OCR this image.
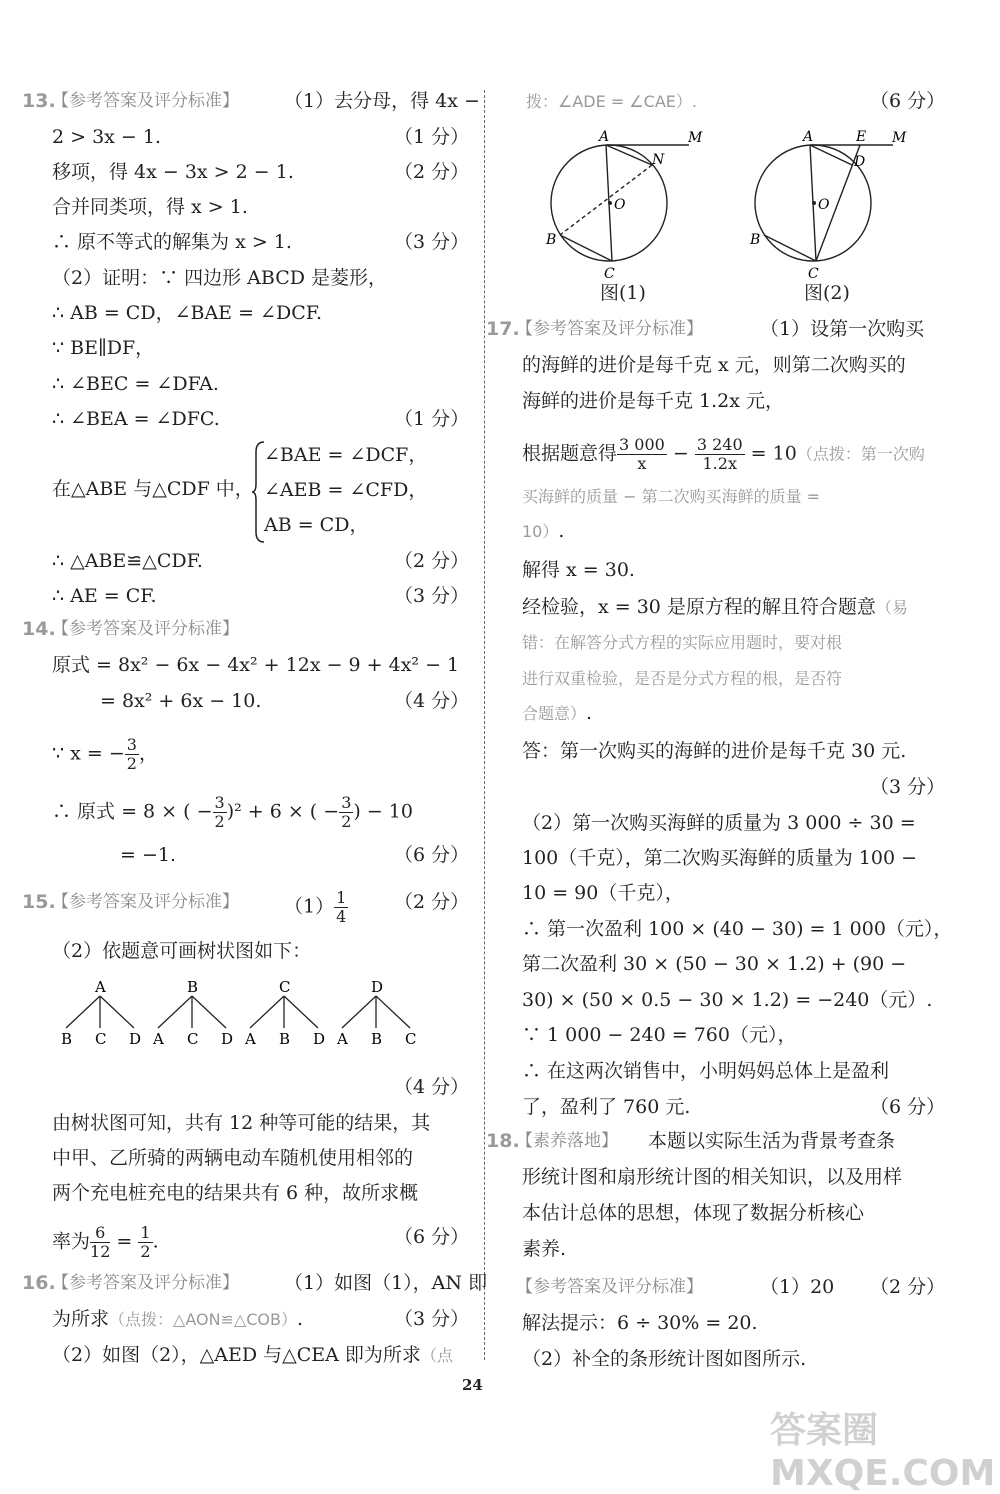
13.
【参考答案及评分标准】 （1）去分母，得 4x −
2 > 3x − 1.	（1 分）
移项，得 4x − 3x > 2 − 1.	（2 分）
合并同类项，得 x > 1.
∴ 原不等式的解集为 x > 1.	（3 分）
（2）证明：∵ 四边形 ABCD 是菱形，
∴ AB = CD，∠BAE = ∠DCF.
∵ BE∥DF，
∴ ∠BEC = ∠DFA.
∴ ∠BEA = ∠DFC.	（1 分）
在△ABE 与△CDF 中，
∠BAE = ∠DCF，
∠AEB = ∠CFD，
AB = CD，
∴ △ABE≌△CDF.	（2 分）
∴ AE = CF.	（3 分）
14.
【参考答案及评分标准】
原式 = 8x² − 6x − 4x² + 12x − 9 + 4x² − 1
= 8x² + 6x − 10.	（4 分）
∵ x = − $\frac{3}{2}$ ，
∴ 原式 = 8 × ( − $\frac{3}{2} )^2 + 6$ × ( − $\frac{3}{2}$ ) − 10
= −1.	（6 分）
15.
【参考答案及评分标准】 $(1) \frac{1}{4} (2$ 分）
（2）依题意可画树状图如下：
A
B C D
B
A C D
C
A B D
D
A B C
（4 分）
由树状图可知，共有 12 种等可能的结果，其
中甲、乙所骑的两辆电动车随机使用相邻的
两个充电桩充电的结果共有 6 种，故所求概
率为 $\frac{6}{12} = \frac{1}{2}$ .	（6 分）
16.
【参考答案及评分标准】 （1）如图（1），AN 即
为所求（点拨：△AON≌△COB）.	（3 分）
（2）如图（2），△AED 与△CEA 即为所求（点
拨：∠ADE = ∠CAE）.	（6 分）
A	M
N
O
B
C
图(1)
A	E M
D
O
B
C
图(2)
17.
【参考答案及评分标准】	（1）设第一次购买
的海鲜的进价是每千克 x 元，则第二次购买的
海鲜的进价是每千克 1.2x 元，
根据题意得 $\frac{3 000}{x} - \frac{3 240}{1.2x} = 10$（点拨：第一次购
买海鲜的质量 − 第二次购买海鲜的质量 =
10）.
解得 x = 30.
经检验，x = 30 是原方程的解且符合题意（易
错：在解答分式方程的实际应用题时，要对根
进行双重检验，是否是分式方程的根，是否符
合题意）.
答：第一次购买的海鲜的进价是每千克 30 元.
（3 分）
（2）第一次购买海鲜的质量为 3 000 ÷ 30 =
100（千克），第二次购买海鲜的质量为 100 −
10 = 90（千克），
∴ 第一次盈利 100 × (40 − 30) = 1 000（元），
第二次盈利 30 × (50 − 30 × 1.2) + (90 −
30) × (50 × 0.5 − 30 × 1.2) = −240（元）.
∵ 1 000 − 240 = 760（元），
∴ 在这两次销售中，小明妈妈总体上是盈利
了，盈利了 760 元.	（6 分）
18.
【素养落地】 本题以实际生活为背景考查条
形统计图和扇形统计图的相关知识，以及用样
本估计总体的思想，体现了数据分析核心
素养.
【参考答案及评分标准】	（1）20 （2 分）
解法提示：6 ÷ 30% = 20.
（2）补全的条形统计图如图所示.
24
答案圈 MXQE.COM
